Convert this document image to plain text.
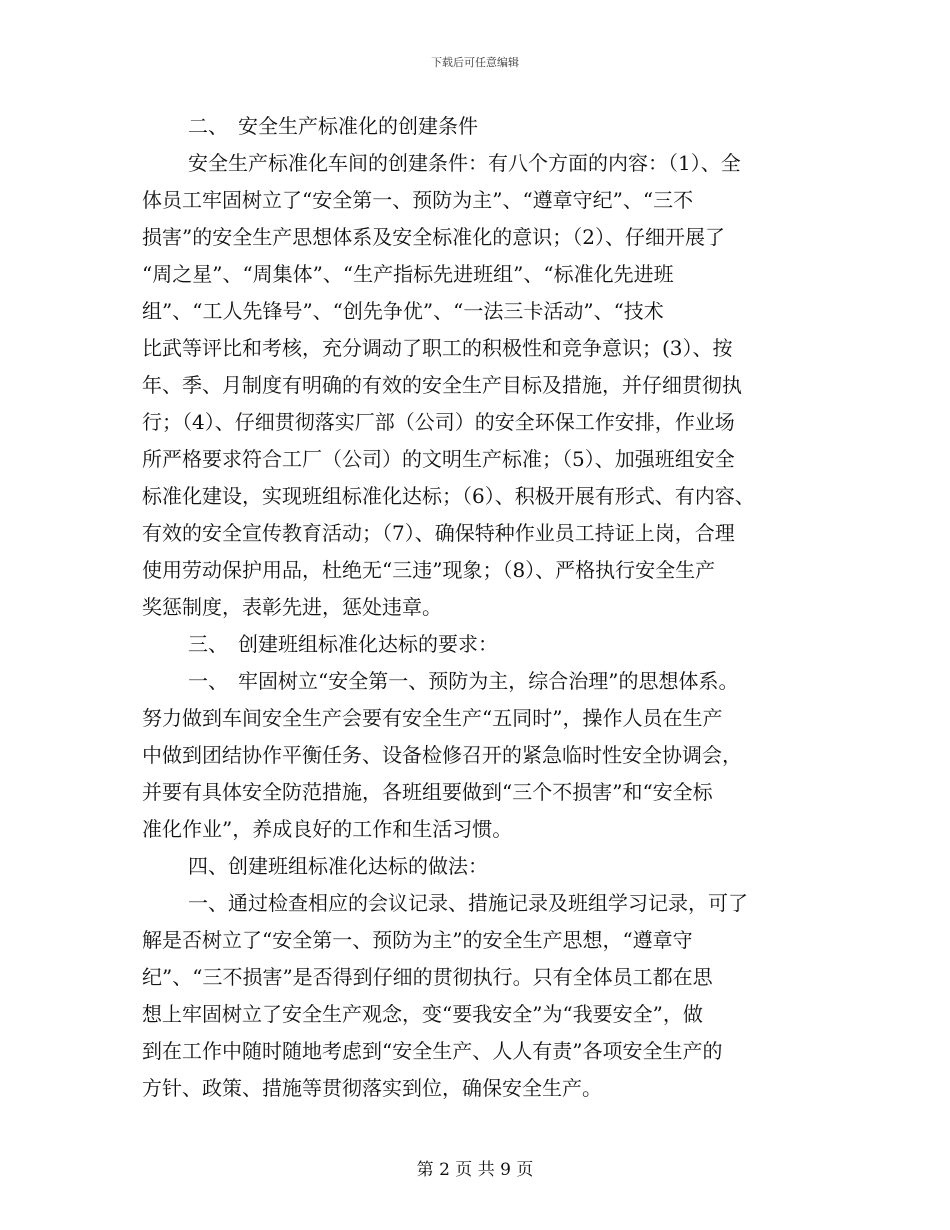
下载后可任意编辑
二、　安全生产标准化的创建条件
安全生产标准化车间的创建条件：有八个方面的内容：（1）、全
体员工牢固树立了“安全第一、预防为主”、“遵章守纪”、“三不
损害”的安全生产思想体系及安全标准化的意识；（2）、仔细开展了
“周之星”、“周集体”、“生产指标先进班组”、“标准化先进班
组”、“工人先锋号”、“创先争优”、“一法三卡活动”、“技术
比武等评比和考核，充分调动了职工的积极性和竞争意识；(3）、按
年、季、月制度有明确的有效的安全生产目标及措施，并仔细贯彻执
行；（4）、仔细贯彻落实厂部（公司）的安全环保工作安排，作业场
所严格要求符合工厂（公司）的文明生产标准；（5）、加强班组安全
标准化建设，实现班组标准化达标；（6）、积极开展有形式、有内容、
有效的安全宣传教育活动；（7）、确保特种作业员工持证上岗，合理
使用劳动保护用品，杜绝无“三违”现象；（8）、严格执行安全生产
奖惩制度，表彰先进，惩处违章。
三、　创建班组标准化达标的要求：
一、　牢固树立“安全第一、预防为主，综合治理”的思想体系。
努力做到车间安全生产会要有安全生产“五同时”，操作人员在生产
中做到团结协作平衡任务、设备检修召开的紧急临时性安全协调会，
并要有具体安全防范措施，各班组要做到“三个不损害”和“安全标
准化作业”，养成良好的工作和生活习惯。
四、创建班组标准化达标的做法：
一、通过检查相应的会议记录、措施记录及班组学习记录，可了
解是否树立了“安全第一、预防为主”的安全生产思想，“遵章守
纪”、“三不损害”是否得到仔细的贯彻执行。只有全体员工都在思
想上牢固树立了安全生产观念，变“要我安全”为“我要安全”，做
到在工作中随时随地考虑到“安全生产、人人有责”各项安全生产的
方针、政策、措施等贯彻落实到位，确保安全生产。
第 2 页 共 9 页
